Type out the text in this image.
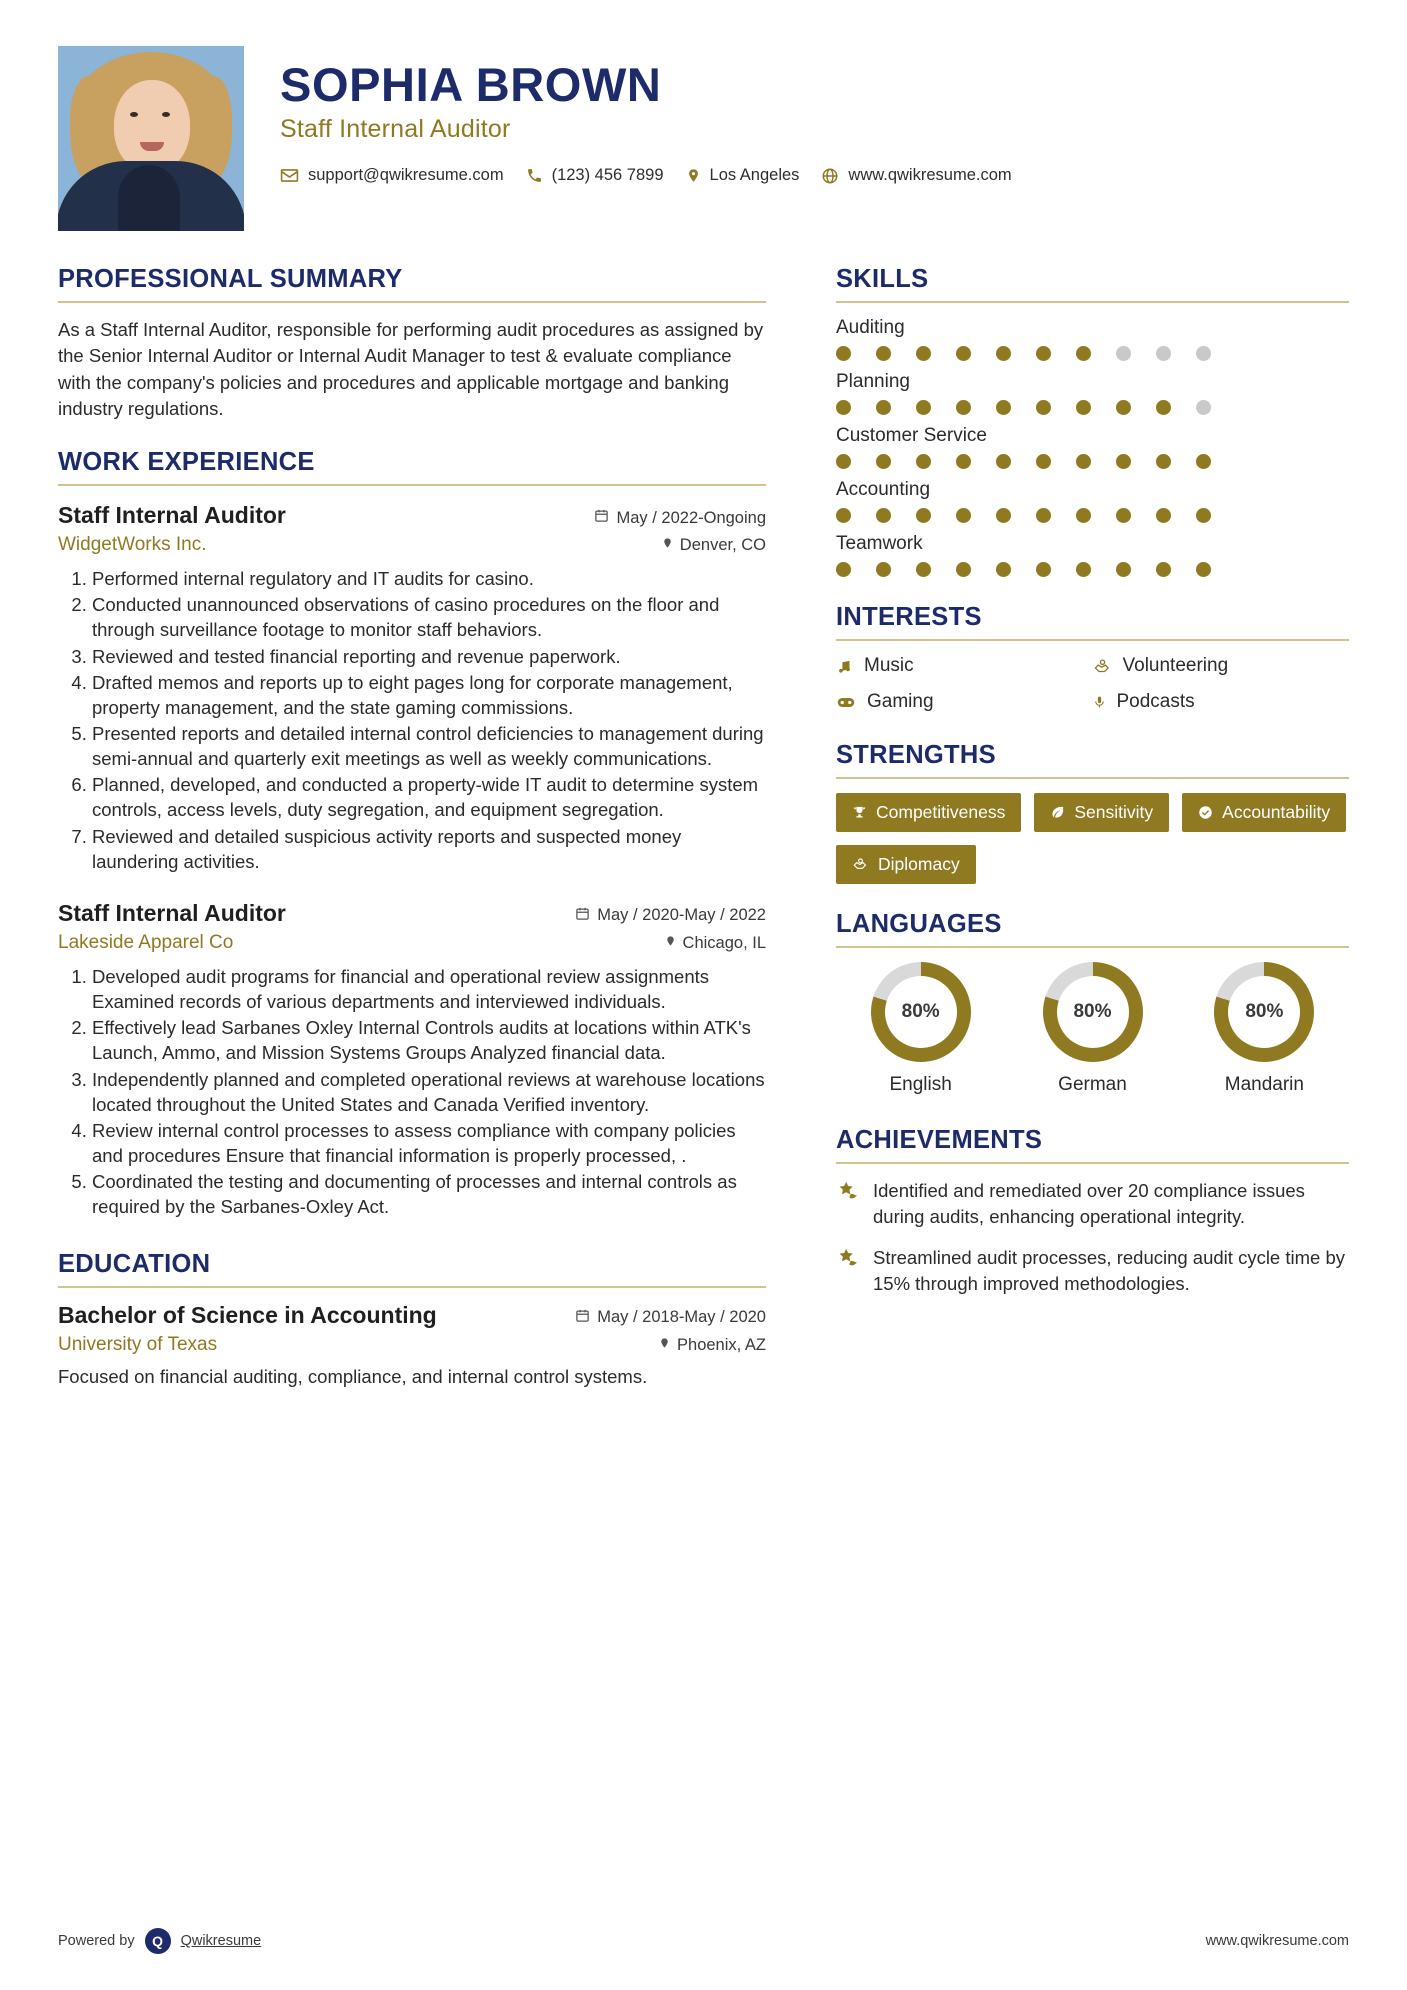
SOPHIA BROWN
Staff Internal Auditor
support@qwikresume.com	(123) 456 7899	Los Angeles	www.qwikresume.com
PROFESSIONAL SUMMARY
As a Staff Internal Auditor, responsible for performing audit procedures as assigned by the Senior Internal Auditor or Internal Audit Manager to test & evaluate compliance with the company's policies and procedures and applicable mortgage and banking industry regulations.
WORK EXPERIENCE
Staff Internal Auditor	May / 2022-Ongoing
WidgetWorks Inc.	Denver, CO
1. Performed internal regulatory and IT audits for casino.
2. Conducted unannounced observations of casino procedures on the floor and through surveillance footage to monitor staff behaviors.
3. Reviewed and tested financial reporting and revenue paperwork.
4. Drafted memos and reports up to eight pages long for corporate management, property management, and the state gaming commissions.
5. Presented reports and detailed internal control deficiencies to management during semi-annual and quarterly exit meetings as well as weekly communications.
6. Planned, developed, and conducted a property-wide IT audit to determine system controls, access levels, duty segregation, and equipment segregation.
7. Reviewed and detailed suspicious activity reports and suspected money laundering activities.
Staff Internal Auditor	May / 2020-May / 2022
Lakeside Apparel Co	Chicago, IL
1. Developed audit programs for financial and operational review assignments Examined records of various departments and interviewed individuals.
2. Effectively lead Sarbanes Oxley Internal Controls audits at locations within ATK's Launch, Ammo, and Mission Systems Groups Analyzed financial data.
3. Independently planned and completed operational reviews at warehouse locations located throughout the United States and Canada Verified inventory.
4. Review internal control processes to assess compliance with company policies and procedures Ensure that financial information is properly processed, .
5. Coordinated the testing and documenting of processes and internal controls as required by the Sarbanes-Oxley Act.
EDUCATION
Bachelor of Science in Accounting	May / 2018-May / 2020
University of Texas	Phoenix, AZ
Focused on financial auditing, compliance, and internal control systems.
SKILLS
Auditing
Planning
Customer Service
Accounting
Teamwork
INTERESTS
Music	Volunteering
Gaming	Podcasts
STRENGTHS
Competitiveness	Sensitivity	Accountability
Diplomacy
LANGUAGES
80%
English
80%
German
80%
Mandarin
ACHIEVEMENTS
Identified and remediated over 20 compliance issues during audits, enhancing operational integrity.
Streamlined audit processes, reducing audit cycle time by 15% through improved methodologies.
Powered by	Q	Qwikresume	www.qwikresume.com
